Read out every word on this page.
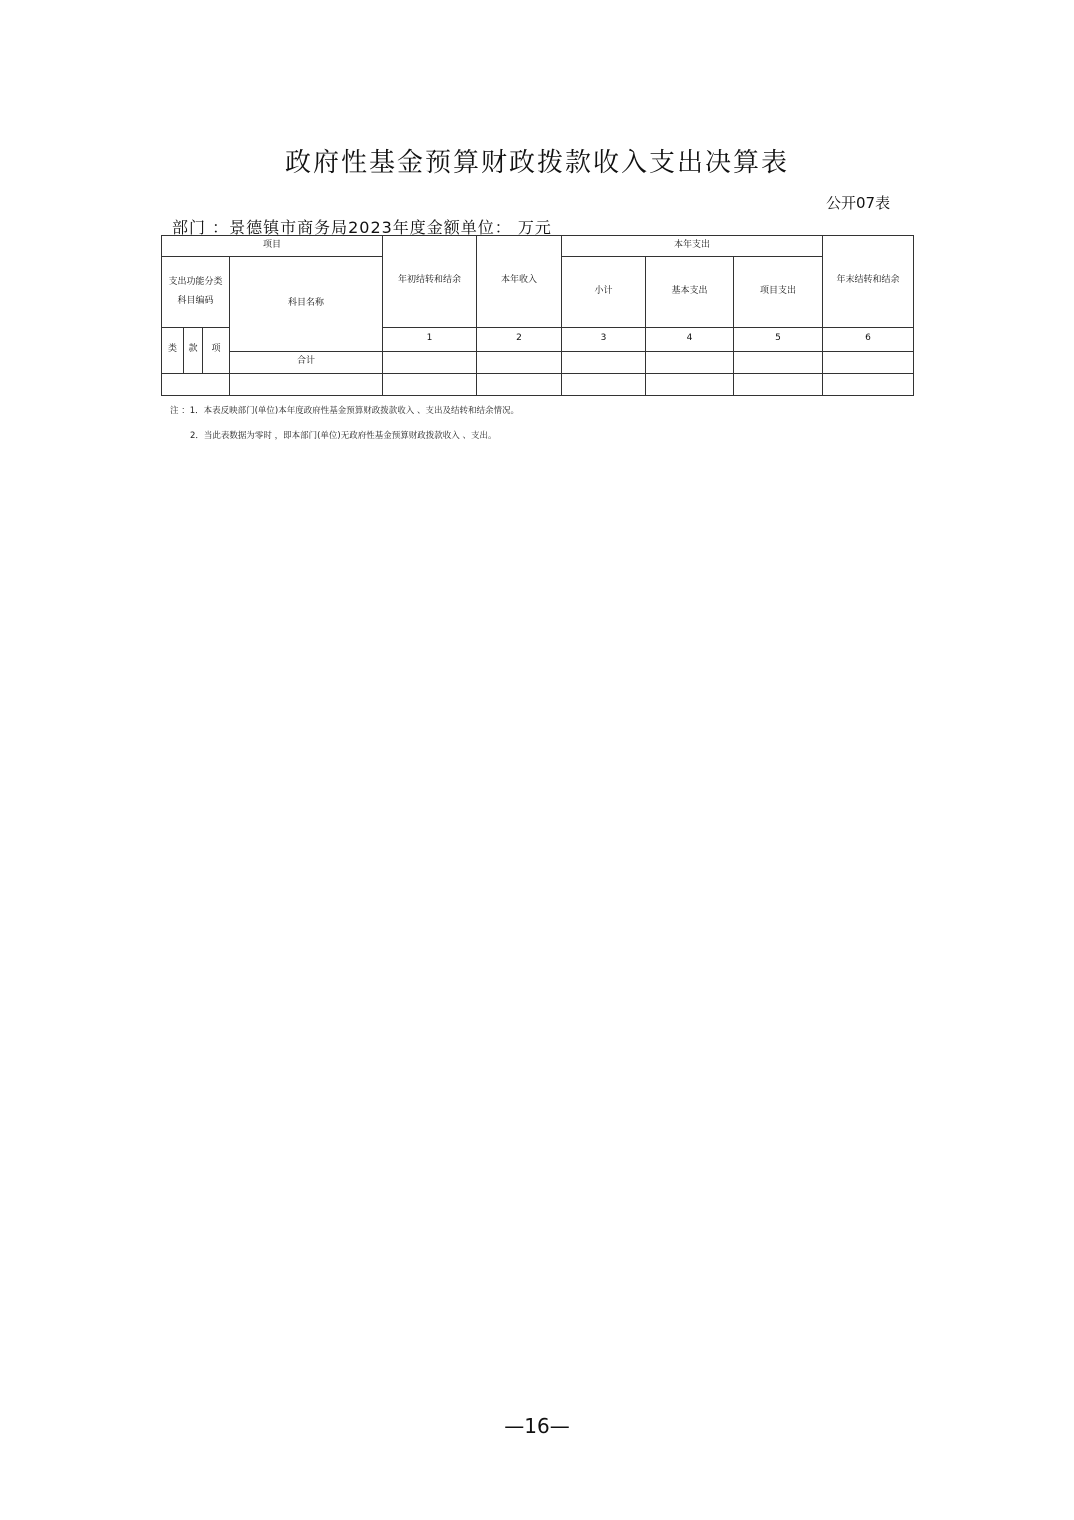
政府性基金预算财政拨款收入支出决算表
公开07表
部门 ：景德镇市商务局2023年度金额单位： 万元
项目				年初结转和结余	本年收入	本年支出			年末结转和结余
支出功能分类科目编码			科目名称			小计	基本支出	项目支出	
类	款	项		1	2	3	4	5	6
			合计						

注 ：1．本表反映部门(单位)本年度政府性基金预算财政拨款收入 、支出及结转和结余情况。
2．当此表数据为零时 ，即本部门(单位)无政府性基金预算财政拨款收入 、支出。
—16—
